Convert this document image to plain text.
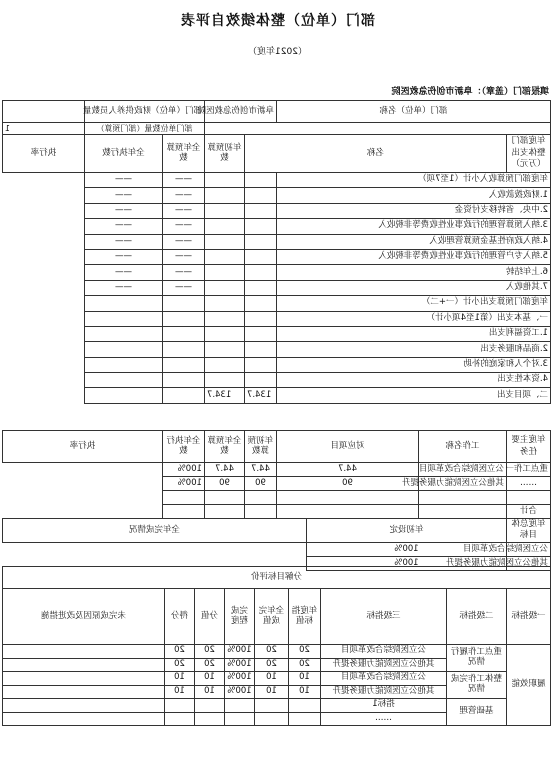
部门（单位）整体绩效自评表
（2021年度）
填报部门（盖章）：阜新市创伤急救医院
部门（单位）名称		阜新市创伤急救医院		部门（单位）财政供养人员数量		
				部门单位数量（部门预算）		1
年度部门整体支出（万元）	名称		年初预算数	全年预算数	全年执行数	执行率
年度部门预算收入小计（1至7项）				——	——	
1.财政拨款收入				——	——	
2.中央、省转移支付资金				——	——	
3.纳入预算管理的行政事业性收费等非税收入				——	——	
4.纳入政府性基金预算管理收入				——	——	
5.纳入专户管理的行政事业性收费等非税收入				——	——	
6.上年结转				——	——	
7.其他收入				——	——	
年度部门预算支出小计（一+二）						
一、基本支出（第1至4项小计）						
1.工资福利支出						
2.商品和服务支出						
3.对个人和家庭的补助						
4.资本性支出						
二、项目支出		134.7	134.7			
年度主要任务	工作名称	对应项目	年初预算数	全年预算数	全年执行数	执行率
重点工作一	公立医院综合改革项目	44.7	44.7	44.7	100%	
……	其他公立医院能力服务提升	90	90	90	100%	

合计						
年度总体目标	年初设定	全年完成情况
公立医院综合改革项目	100%	
其他公立医院能力服务提升	100%	
分解目标评价								
一级指标	二级指标	三级指标	年度指标值	全年完成值	完成程度	分值	得分	未完成原因及改进措施
履职效能	重点工作履行情况	公立医院综合改革项目	20	20	100%	20	20	
		其他公立医院能力服务提升	20	20	100%	20	20	
	整体工作完成情况	公立医院综合改革项目	10	10	100%	10	10	
		其他公立医院能力服务提升	10	10	100%	10	10	
	基础管理	指标1						
		……						
